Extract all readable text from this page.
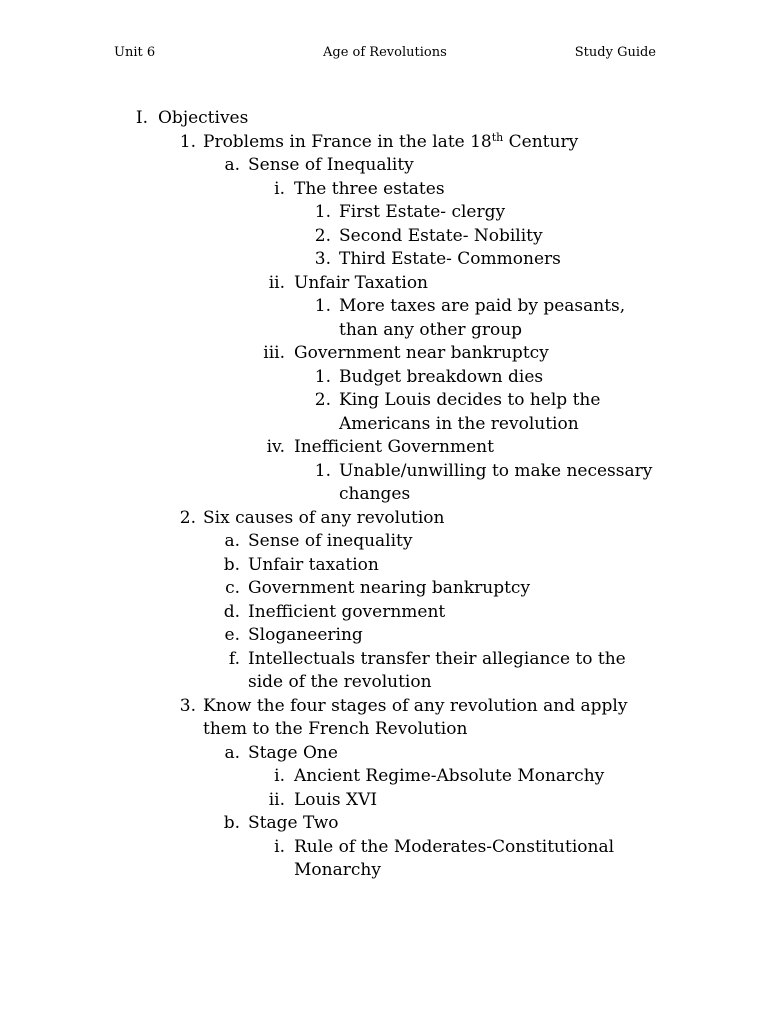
Unit 6	Age of Revolutions	Study Guide
I. Objectives
1. Problems in France in the late 18th Century
a. Sense of Inequality
i. The three estates
1. First Estate- clergy
2. Second Estate- Nobility
3. Third Estate- Commoners
ii. Unfair Taxation
1. More taxes are paid by peasants,
than any other group
iii. Government near bankruptcy
1. Budget breakdown dies
2. King Louis decides to help the
Americans in the revolution
iv. Inefficient Government
1. Unable/unwilling to make necessary
changes
2. Six causes of any revolution
a. Sense of inequality
b. Unfair taxation
c. Government nearing bankruptcy
d. Inefficient government
e. Sloganeering
f. Intellectuals transfer their allegiance to the
side of the revolution
3. Know the four stages of any revolution and apply
them to the French Revolution
a. Stage One
i. Ancient Regime-Absolute Monarchy
ii. Louis XVI
b. Stage Two
i. Rule of the Moderates-Constitutional
Monarchy
